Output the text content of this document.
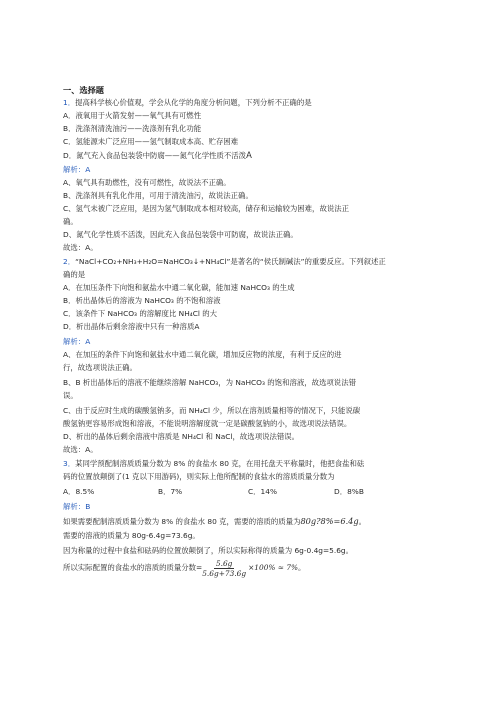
一、选择题
1．提高科学核心价值观，学会从化学的角度分析问题，下列分析不正确的是
A．液氧用于火箭发射——氧气具有可燃性
B．洗涤剂清洗油污——洗涤剂有乳化功能
C．氢能源未广泛应用——氢气制取成本高、贮存困难
D．氮气充入食品包装袋中防腐——氮气化学性质不活泼A
解析：A
A、氧气具有助燃性，没有可燃性，故说法不正确。
B、洗涤剂具有乳化作用，可用于清洗油污，故说法正确。
C、氢气未被广泛应用，是因为氢气制取成本相对较高，储存和运输较为困难，故说法正
确。
D、氮气化学性质不活泼，因此充入食品包装袋中可防腐，故说法正确。
故选：A。
2．“NaCl+CO₂+NH₃+H₂O=NaHCO₃↓+NH₄Cl”是著名的“侯氏制碱法”的重要反应。下列叙述正
确的是
A．在加压条件下向饱和氨盐水中通二氧化碳，能加速 NaHCO₃ 的生成
B．析出晶体后的溶液为 NaHCO₃ 的不饱和溶液
C．该条件下 NaHCO₃ 的溶解度比 NH₄Cl 的大
D．析出晶体后剩余溶液中只有一种溶质A
解析：A
A、在加压的条件下向饱和氨盐水中通二氧化碳，增加反应物的浓度，有利于反应的进
行，故选项说法正确。
B、B 析出晶体后的溶液不能继续溶解 NaHCO₃，为 NaHCO₃ 的饱和溶液，故选项说法错
误。
C、由于反应时生成的碳酸氢钠多，而 NH₄Cl 少，所以在溶剂质量相等的情况下，只能说碳
酸氢钠更容易形成饱和溶液，不能说明溶解度就一定是碳酸氢钠的小，故选项说法错误。
D、析出的晶体后剩余溶液中溶质是 NH₄Cl 和 NaCl，故选项说法错误。
故选：A。
3．某同学预配制溶质质量分数为 8% 的食盐水 80 克，在用托盘天平称量时，他把食盐和砝
码的位置放颠倒了(1 克以下用游码)，则实际上他所配制的食盐水的溶质质量分数为
A．8.5%	B．7%	C．14%	D．8%B
解析：B
如果需要配制溶质质量分数为 8% 的食盐水 80 克，需要的溶质的质量为80g?8%=6.4g。
需要的溶液的质量为 80g-6.4g=73.6g。
因为称量的过程中食盐和砝码的位置放颠倒了，所以实际称得的质量为 6g-0.4g=5.6g。
所以实际配置的食盐水的溶质的质量分数= $\frac{5.6g}{5.6g+73.6g} \times 100\% \approx 7\%$。
